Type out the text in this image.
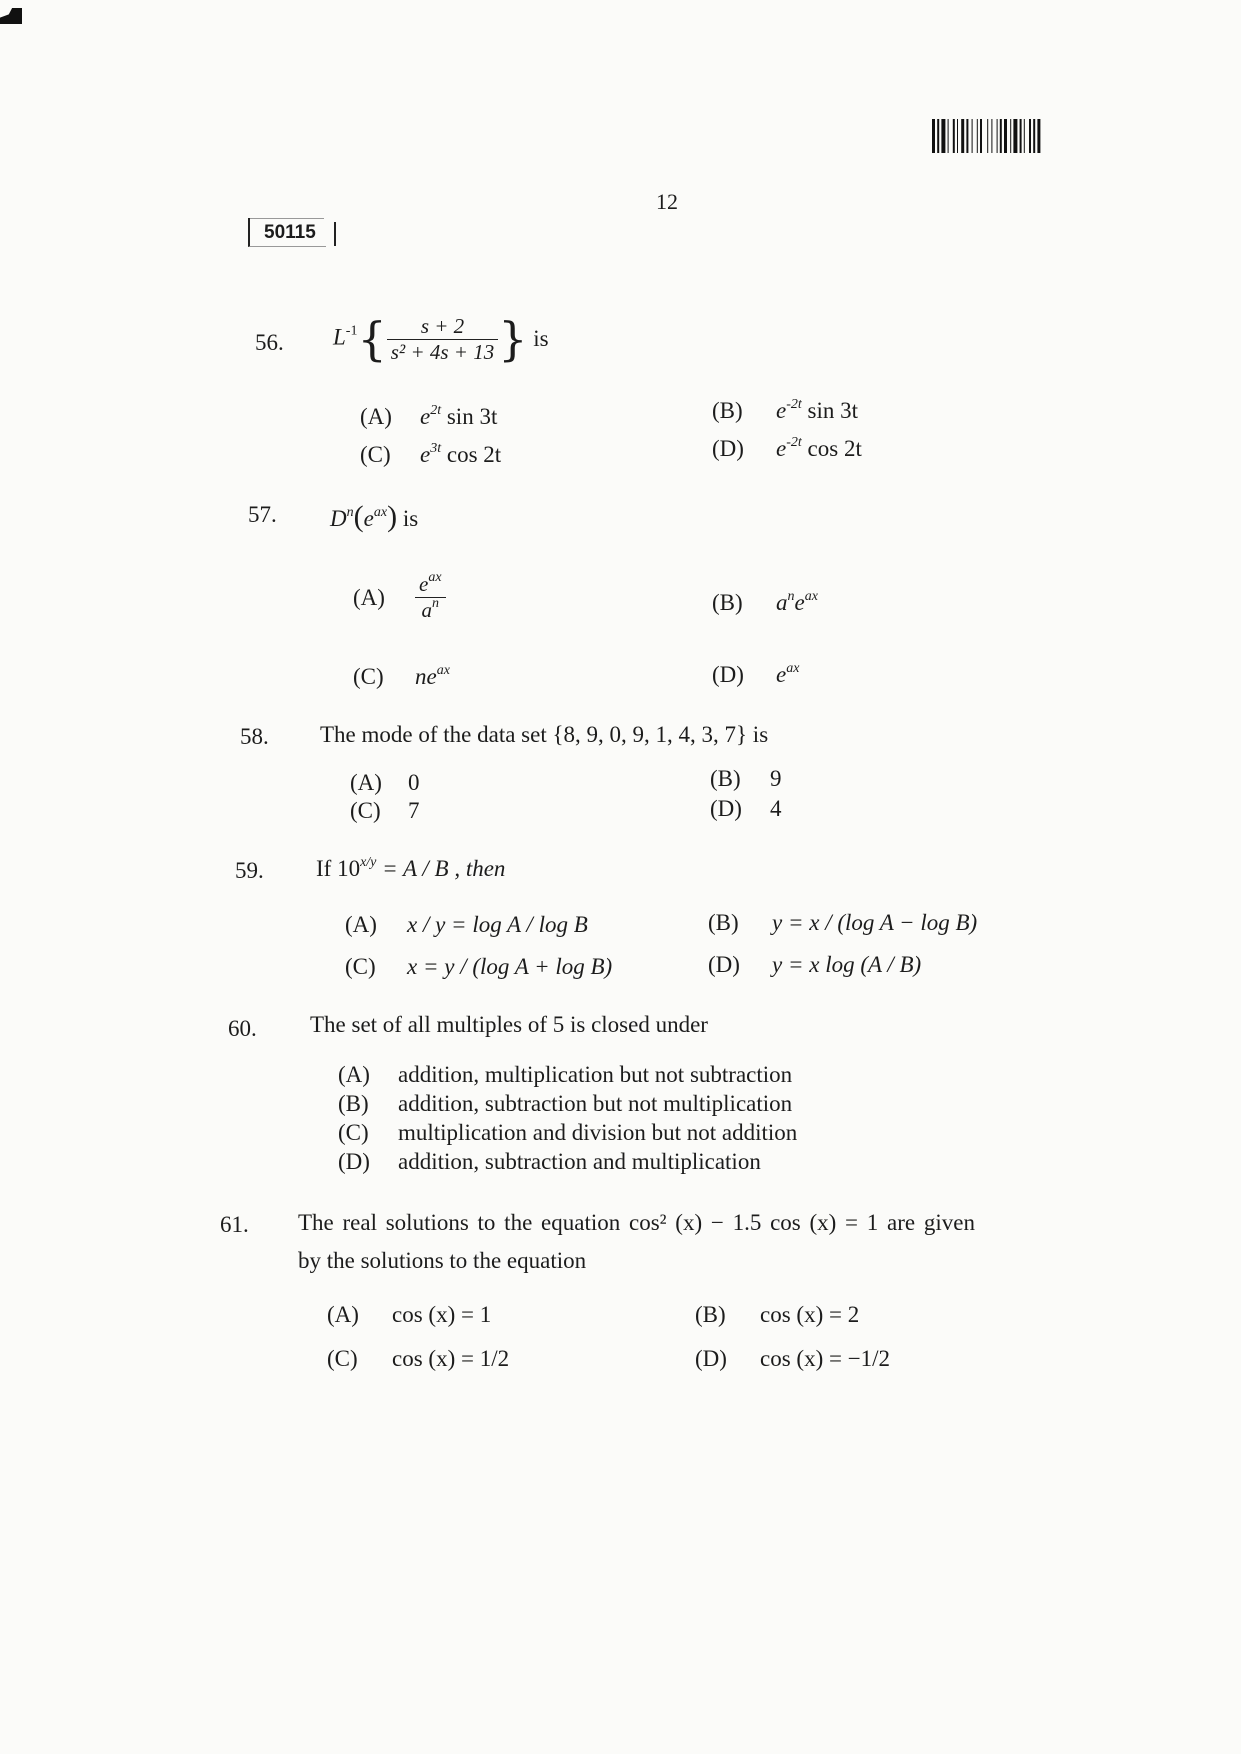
12
50115
56. $L^{-1}\{ \frac{s + 2}{\text{s² + 4s + 13}}$ } is
(A) $e^{2t}$ sin 3t	(B) $e^{-2t}$ sin 3t
(C) $e^{3t}$ cos 2t	(D) $e^{-2t}$ cos 2t
57. $D^n(e^{ax})$ is
$(A) \frac{e^{ax}}{a^n}$	(B) $a^ne^{ax}$
(C) $ne^{ax}$	(D) $e^{ax}$
58. The mode of the data set {8, 9, 0, 9, 1, 4, 3, 7} is
(A) 0	(B) 9
(C) 7	(D) 4
59. If $10^{x/y} = A / B$ , then
(A) x / y = log A / log B	(B) y = x / (log A − log B)
(C) x = y / (log A + log B)	(D) y = x log (A / B)
60. The set of all multiples of 5 is closed under
(A) addition, multiplication but not subtraction
(B) addition, subtraction but not multiplication
(C) multiplication and division but not addition
(D) addition, subtraction and multiplication
61. The real solutions to the equation cos² (x) − 1.5 cos (x) = 1 are given
by the solutions to the equation
(A) cos (x) = 1	(B) cos (x) = 2
(C) cos (x) = 1/2	(D) cos (x) = −1/2
